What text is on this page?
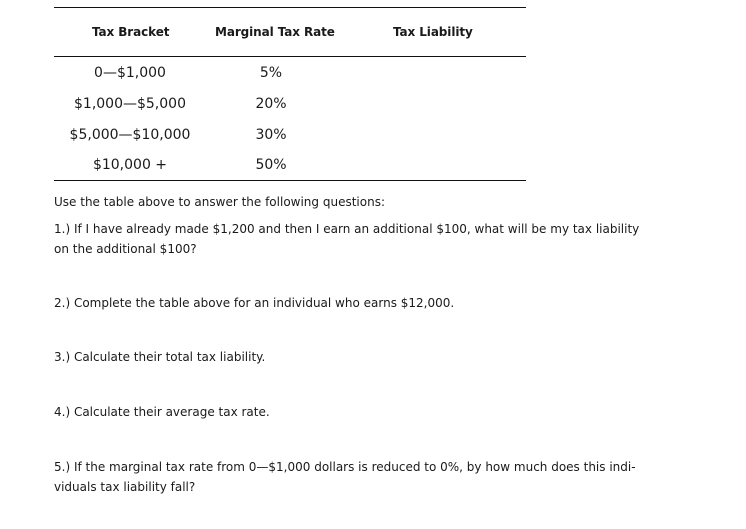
Tax Bracket	Marginal Tax Rate	Tax Liability
0—$1,000	5%
$1,000—$5,000	20%
$5,000—$10,000	30%
$10,000 +	50%
Use the table above to answer the following questions:
1.) If I have already made $1,200 and then I earn an additional $100, what will be my tax liability
on the additional $100?
2.) Complete the table above for an individual who earns $12,000.
3.) Calculate their total tax liability.
4.) Calculate their average tax rate.
5.) If the marginal tax rate from 0—$1,000 dollars is reduced to 0%, by how much does this indi-
viduals tax liability fall?
